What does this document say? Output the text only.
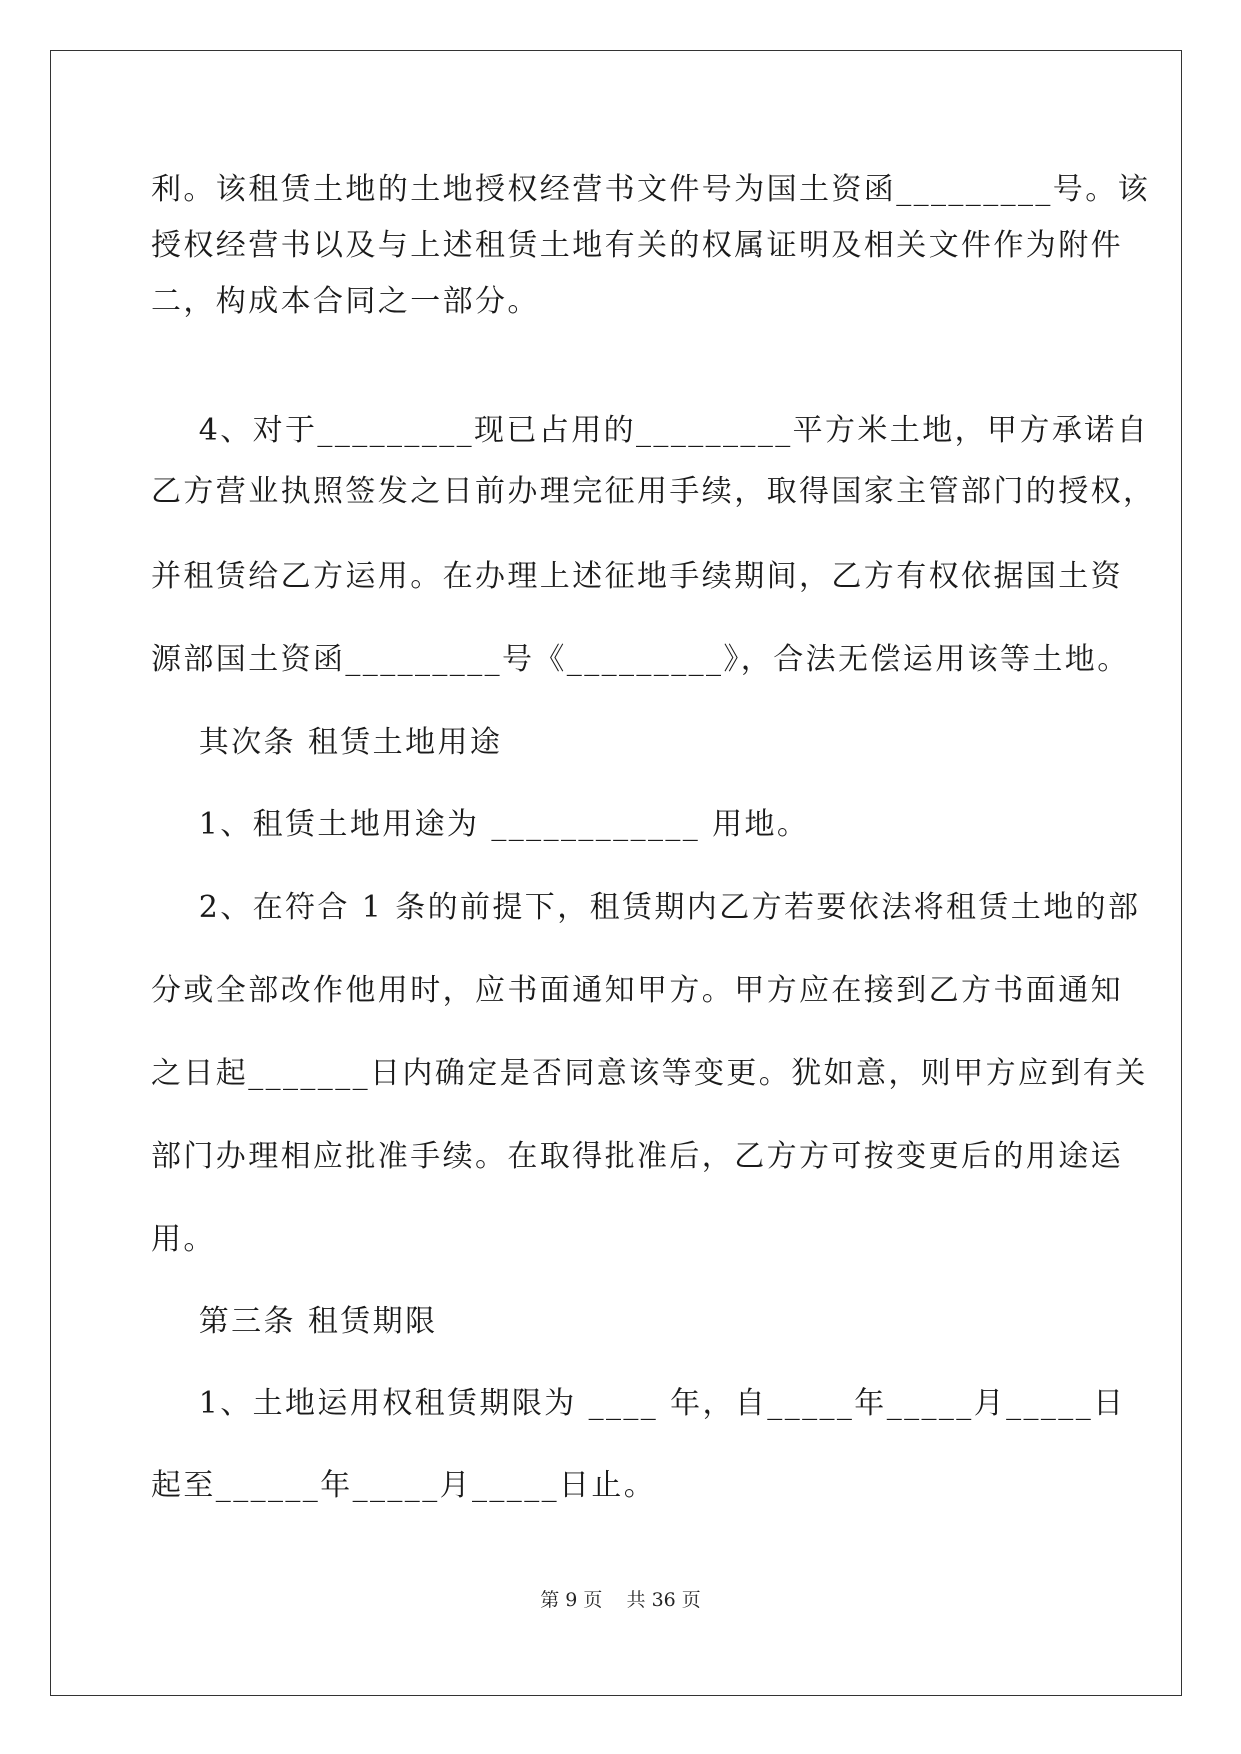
利。该租赁土地的土地授权经营书文件号为国土资函_________号。该
授权经营书以及与上述租赁土地有关的权属证明及相关文件作为附件
二，构成本合同之一部分。
4、对于_________现已占用的_________平方米土地，甲方承诺自
乙方营业执照签发之日前办理完征用手续，取得国家主管部门的授权，
并租赁给乙方运用。在办理上述征地手续期间，乙方有权依据国土资
源部国土资函_________号《_________》，合法无偿运用该等土地。
其次条 租赁土地用途
1、租赁土地用途为 ____________ 用地。
2、在符合 1 条的前提下，租赁期内乙方若要依法将租赁土地的部
分或全部改作他用时，应书面通知甲方。甲方应在接到乙方书面通知
之日起_______日内确定是否同意该等变更。犹如意，则甲方应到有关
部门办理相应批准手续。在取得批准后，乙方方可按变更后的用途运
用。
第三条 租赁期限
1、土地运用权租赁期限为 ____ 年，自_____年_____月_____日
起至______年_____月_____日止。
第 9 页    共 36 页
